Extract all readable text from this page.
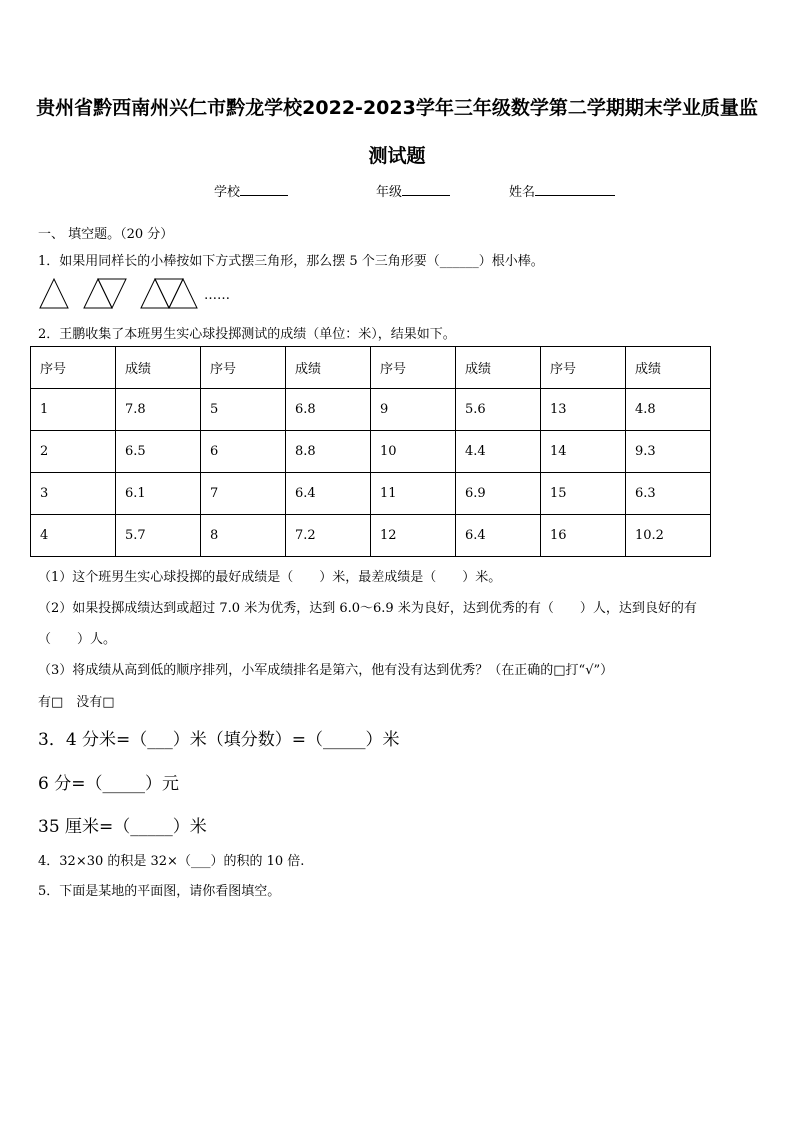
贵州省黔西南州兴仁市黔龙学校2022-2023学年三年级数学第二学期期末学业质量监
测试题
学校	年级	姓名
一、 填空题。（20 分）
1．如果用同样长的小棒按如下方式摆三角形，那么摆 5 个三角形要（______）根小棒。
……
2．王鹏收集了本班男生实心球投掷测试的成绩（单位：米），结果如下。
序号	成绩	序号	成绩	序号	成绩	序号	成绩
1	7.8	5	6.8	9	5.6	13	4.8
2	6.5	6	8.8	10	4.4	14	9.3
3	6.1	7	6.4	11	6.9	15	6.3
4	5.7	8	7.2	12	6.4	16	10.2
（1）这个班男生实心球投掷的最好成绩是（　　）米，最差成绩是（　　）米。
（2）如果投掷成绩达到或超过 7.0 米为优秀，达到 6.0～6.9 米为良好，达到优秀的有（　　）人，达到良好的有
（　　）人。
（3）将成绩从高到低的顺序排列，小军成绩排名是第六，他有没有达到优秀？（在正确的□打“√”）
有□　没有□
3．4 分米=（___）米（填分数）=（_____）米
6 分=（_____）元
35 厘米=（_____）米
4．32×30 的积是 32×（___）的积的 10 倍.
5．下面是某地的平面图，请你看图填空。
